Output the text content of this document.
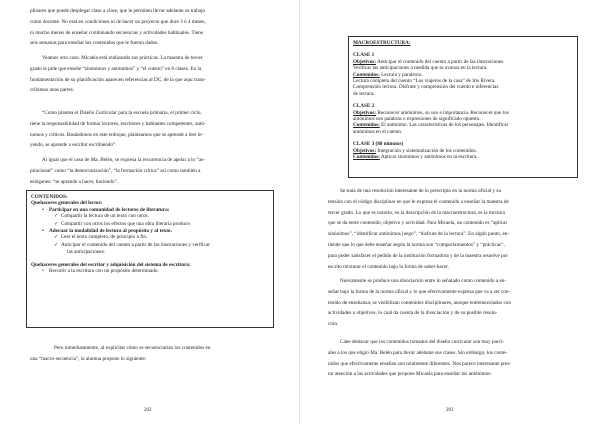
plinares que puede desplegar clase a clase, que le permiten llevar adelante su trabajo
como docente. No está en condiciones ni de hacer un proyecto que dure 3 ó 4 meses,
ni mucho menos de enseñar combinando secuencias y actividades habituales. Tiene
seis semanas para enseñar los contenidos que le fueron dados.

Veamos otro caso. Micaela está realizando sus prácticas. La maestra de tercer
grado le pide que enseñe “sinónimos y antónimos” y “el cuento” en 6 clases. En la
fundamentación de su planificación aparecen referencias al DC, de la que aquí trans-
cribimos unas partes:

“Como plantea el Diseño Curricular para la escuela primaria, el primer ciclo,
tiene la responsabilidad de formar lectores, escritores y hablantes competentes, autó-
nomos y críticos. Basándonos en este enfoque, planteamos que se aprende a leer le-
yendo, se aprende a escribir escribiendo”.

Al igual que el caso de Ma. Belén, se expresa la recurrencia de apelar a lo “as-
piracional” como “la democratización”, “la formación crítica” así como también a
eslóganes: “se aprende a hacer, haciendo”.

CONTENIDOS:
Quehaceres generales del lector:
• Participar en una comunidad de lectores de literatura:
✓ Compartir la lectura de un texto con otros.
✓ Compartir con otros los efectos que una obra literaria produce.
• Adecuar la modalidad de lectura al propósito y al texto.
✓ Leer el texto completo, de principio a fin.
✓ Anticipar el contenido del cuento a partir de las ilustraciones y verificar
las anticipaciones.
Quehaceres generales del escritor y adquisición del sistema de escritura:
• Recurrir a la escritura con un propósito determinado.

Pero inmediatamente, al explicitar cómo se secuenciarían los contenidos en
una “macro-secuencia”, la alumna propone lo siguiente:

202
MACROESTRUCTURA:
CLASE 1
Objetivos: Anticipar el contenido del cuento a partir de las ilustraciones.
Verificar las anticipaciones a medida que se avanza en la lectura.
Contenidos: Lectura y paratexto.
Lectura completa del cuento “Los viajeros de la casa” de Iris Rivera.
Comprensión lectora. Disfrute y comprensión del cuento e inferencias
de lectura.
CLASE 2
Objetivos: Reconocer antónimos, su uso e importancia. Reconocer que los
antónimos son palabras o expresiones de significado opuesto.
Contenidos: El antónimo. Las características de los personajes. Identificar
antónimos en el cuento.
CLASE 3 (80 minutos)
Objetivos: Integración y sistematización de los contenidos.
Contenidos: Aplicar sinónimos y antónimos en la escritura.

Se trata de una resolución interesante de lo prescripto en la norma oficial y su
tensión con el código disciplinar en que le expresa el contenido a enseñar la maestra de
tercer grado. Lo que es notorio, en la descripción de la macroestructura, es la mixtura
que se da entre contenido, objetivo y actividad. Para Micaela, un contenido es “aplicar
sinónimos”, “identificar antónimos juego”, “disfrute de la lectura”. En algún punto, en-
tiende que lo que debe enseñar según la norma son “comportamientos” y “prácticas”,
para poder satisfacer el pedido de la institución formadora y de la maestra resuelve por
escrito mixturar el contenido bajo la forma de saber-hacer.

Nuevamente se produce una disociación entre lo señalado como contenido a en-
señar bajo la forma de la norma oficial y lo que efectivamente expresa que va a ser con-
tenido de enseñanza; se visibilizan contenidos disciplinares, aunque entremezclados con
actividades u objetivos, lo cual da cuenta de la disociación y de su posible resolu-
ción.

Cabe destacar que los contenidos tomados del diseño curricular son muy parci-
ales a los que eligió Ma. Belén para llevar adelante sus clases. Sin embargo, los conte-
nidos que efectivamente enseñan son totalmente diferentes. Nos parece interesante pres-
tar atención a las actividades que propone Micaela para enseñar los antónimos:

203
